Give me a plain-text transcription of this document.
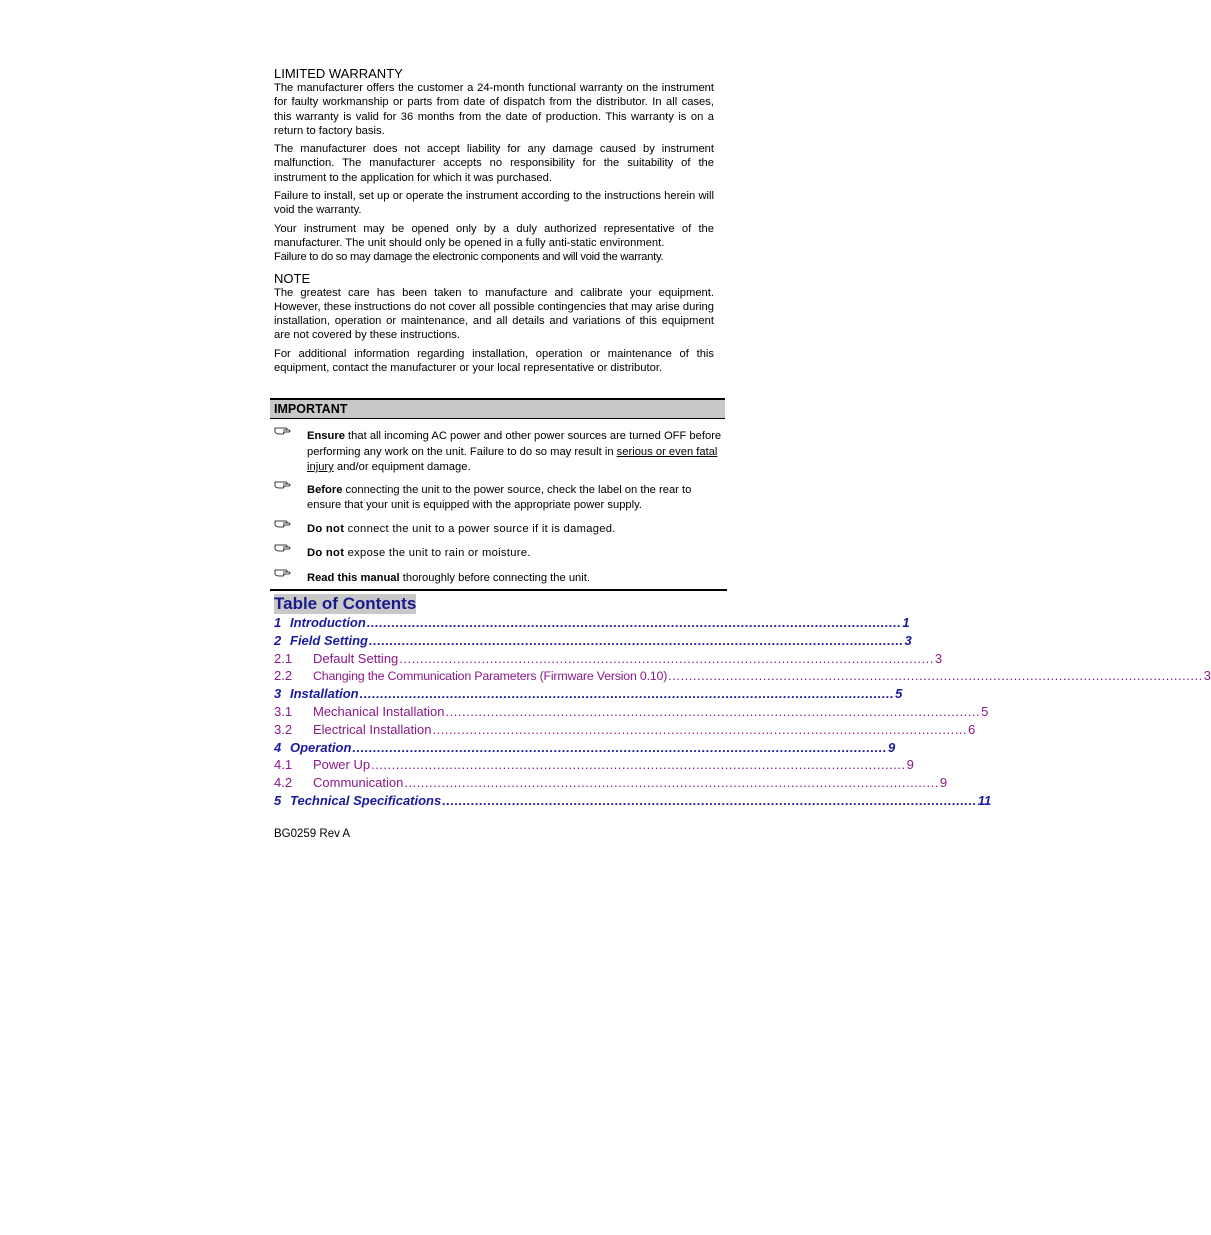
LIMITED WARRANTY

The manufacturer offers the customer a 24-month functional warranty on the instrument for faulty workmanship or parts from date of dispatch from the distributor. In all cases, this warranty is valid for 36 months from the date of production. This warranty is on a return to factory basis.

The manufacturer does not accept liability for any damage caused by instrument malfunction. The manufacturer accepts no responsibility for the suitability of the instrument to the application for which it was purchased.

Failure to install, set up or operate the instrument according to the instructions herein will void the warranty.

Your instrument may be opened only by a duly authorized representative of the manufacturer. The unit should only be opened in a fully anti-static environment.

Failure to do so may damage the electronic components and will void the warranty.

NOTE

The greatest care has been taken to manufacture and calibrate your equipment. However, these instructions do not cover all possible contingencies that may arise during installation, operation or maintenance, and all details and variations of this equipment are not covered by these instructions.

For additional information regarding installation, operation or maintenance of this equipment, contact the manufacturer or your local representative or distributor.

IMPORTANT

Ensure that all incoming AC power and other power sources are turned OFF before performing any work on the unit. Failure to do so may result in serious or even fatal injury and/or equipment damage.

Before connecting the unit to the power source, check the label on the rear to ensure that your unit is equipped with the appropriate power supply.

Do not connect the unit to a power source if it is damaged.

Do not expose the unit to rain or moisture.

Read this manual thoroughly before connecting the unit.

Table of Contents
1 Introduction .................................................................................................................................. 1
2 Field Setting .................................................................................................................................. 3
2.1	Default Setting .................................................................................................................................. 3
2.2	Changing the Communication Parameters (Firmware Version 0.10) .................................................................................................................................. 3
3 Installation .................................................................................................................................. 5
3.1	Mechanical Installation .................................................................................................................................. 5
3.2	Electrical Installation .................................................................................................................................. 6
4 Operation .................................................................................................................................. 9
4.1	Power Up .................................................................................................................................. 9
4.2	Communication .................................................................................................................................. 9
5 Technical Specifications .................................................................................................................................. 11
BG0259 Rev A
